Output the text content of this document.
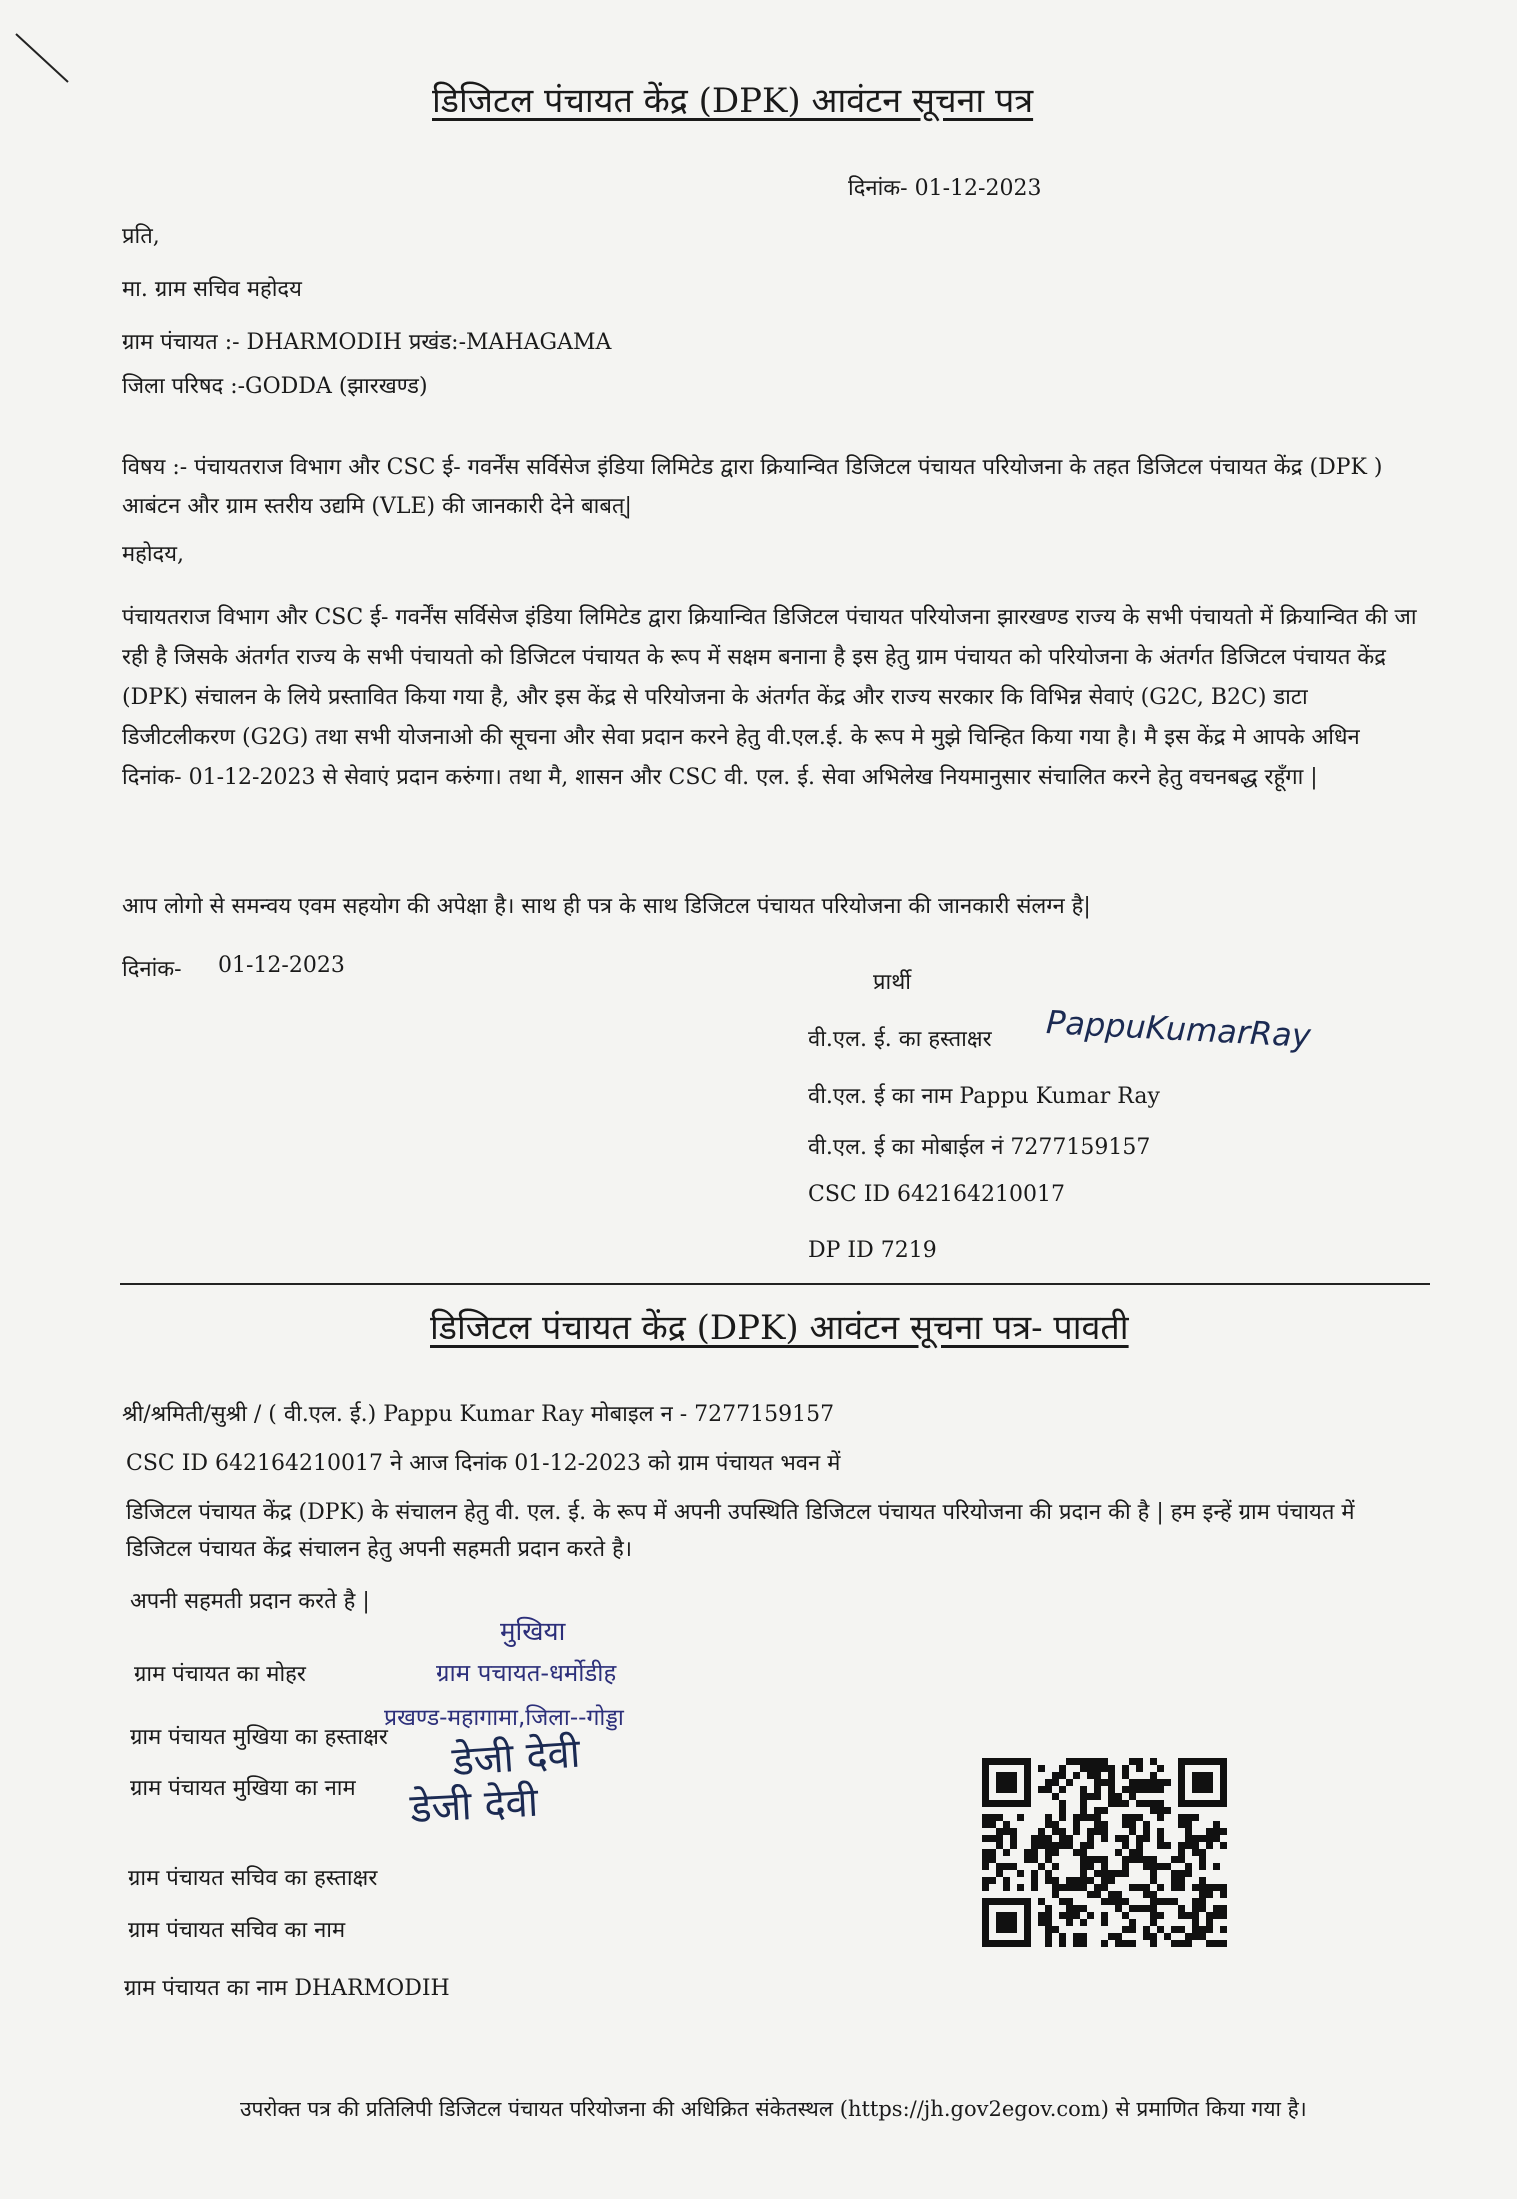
डिजिटल पंचायत केंद्र (DPK) आवंटन सूचना पत्र
दिनांक- 01-12-2023
प्रति,
मा. ग्राम सचिव महोदय
ग्राम पंचायत :- DHARMODIH प्रखंड:-MAHAGAMA
जिला परिषद :-GODDA (झारखण्ड)
विषय :- पंचायतराज विभाग और CSC ई- गवर्नेंस सर्विसेज इंडिया लिमिटेड द्वारा क्रियान्वित डिजिटल पंचायत परियोजना के तहत डिजिटल पंचायत केंद्र (DPK ) आबंटन और ग्राम स्तरीय उद्यमि (VLE) की जानकारी देने बाबत्|
महोदय,
पंचायतराज विभाग और CSC ई- गवर्नेंस सर्विसेज इंडिया लिमिटेड द्वारा क्रियान्वित डिजिटल पंचायत परियोजना झारखण्ड राज्य के सभी पंचायतो में क्रियान्वित की जा रही है जिसके अंतर्गत राज्य के सभी पंचायतो को डिजिटल पंचायत के रूप में सक्षम बनाना है इस हेतु ग्राम पंचायत को परियोजना के अंतर्गत डिजिटल पंचायत केंद्र (DPK) संचालन के लिये प्रस्तावित किया गया है, और इस केंद्र से परियोजना के अंतर्गत केंद्र और राज्य सरकार कि विभिन्न सेवाएं (G2C, B2C) डाटा डिजीटलीकरण (G2G) तथा सभी योजनाओ की सूचना और सेवा प्रदान करने हेतु वी.एल.ई. के रूप मे मुझे चिन्हित किया गया है। मै इस केंद्र मे आपके अधिन दिनांक- 01-12-2023 से सेवाएं प्रदान करुंगा। तथा मै, शासन और CSC वी. एल. ई. सेवा अभिलेख नियमानुसार संचालित करने हेतु वचनबद्ध रहूँगा |
आप लोगो से समन्वय एवम सहयोग की अपेक्षा है। साथ ही पत्र के साथ डिजिटल पंचायत परियोजना की जानकारी संलग्न है|
दिनांक- 01-12-2023
प्रार्थी
वी.एल. ई. का हस्ताक्षर PappuKumarRay
वी.एल. ई का नाम Pappu Kumar Ray
वी.एल. ई का मोबाईल नं 7277159157
CSC ID 642164210017
DP ID 7219
डिजिटल पंचायत केंद्र (DPK) आवंटन सूचना पत्र- पावती
श्री/श्रमिती/सुश्री / ( वी.एल. ई.) Pappu Kumar Ray मोबाइल न - 7277159157
CSC ID 642164210017 ने आज दिनांक 01-12-2023 को ग्राम पंचायत भवन में
डिजिटल पंचायत केंद्र (DPK) के संचालन हेतु वी. एल. ई. के रूप में अपनी उपस्थिति डिजिटल पंचायत परियोजना की प्रदान की है | हम इन्हें ग्राम पंचायत में डिजिटल पंचायत केंद्र संचालन हेतु अपनी सहमती प्रदान करते है।
अपनी सहमती प्रदान करते है |
ग्राम पंचायत का मोहर
मुखिया
ग्राम पचायत-धर्मोडीह
प्रखण्ड-महागामा,जिला--गोड्डा
ग्राम पंचायत मुखिया का हस्ताक्षर डेजी देवी
ग्राम पंचायत मुखिया का नाम डेजी देवी
ग्राम पंचायत सचिव का हस्ताक्षर
ग्राम पंचायत सचिव का नाम
ग्राम पंचायत का नाम DHARMODIH
उपरोक्त पत्र की प्रतिलिपी डिजिटल पंचायत परियोजना की अधिक्रित संकेतस्थल (https://jh.gov2egov.com) से प्रमाणित किया गया है।
